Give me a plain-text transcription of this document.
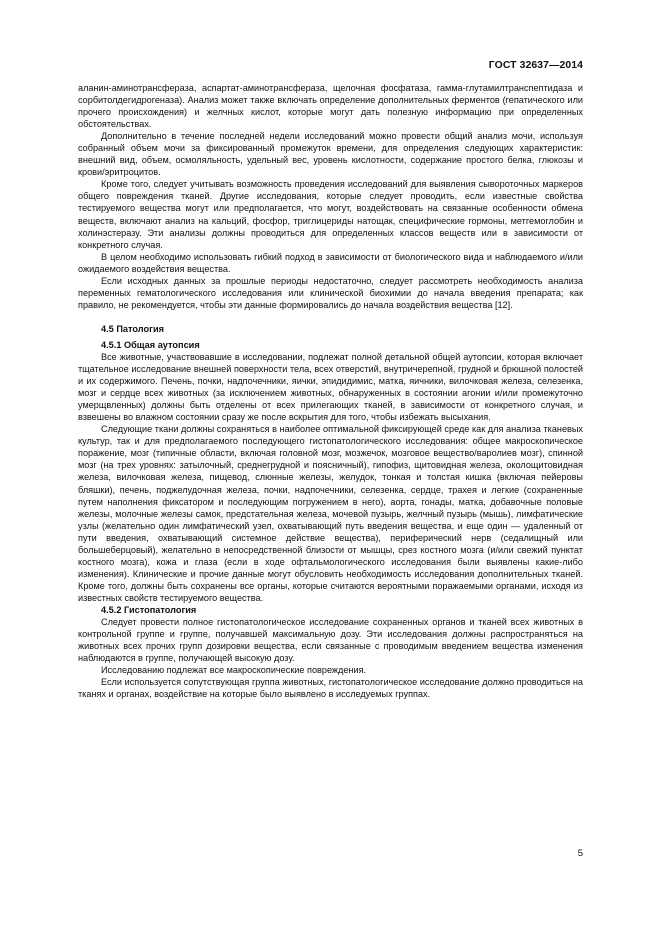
ГОСТ 32637—2014

аланин-аминотрансфераза, аспартат-аминотрансфераза, щелочная фосфатаза, гамма-глутамилтранспептидаза и сорбитолдегидрогеназа). Анализ может также включать определение дополнительных ферментов (гепатического или прочего происхождения) и желчных кислот, которые могут дать полезную информацию при определенных обстоятельствах.

Дополнительно в течение последней недели исследований можно провести общий анализ мочи, используя собранный объем мочи за фиксированный промежуток времени, для определения следующих характеристик: внешний вид, объем, осмоляльность, удельный вес, уровень кислотности, содержание простого белка, глюкозы и крови/эритроцитов.

Кроме того, следует учитывать возможность проведения исследований для выявления сывороточных маркеров общего повреждения тканей. Другие исследования, которые следует проводить, если известные свойства тестируемого вещества могут или предполагается, что могут, воздействовать на связанные особенности обмена веществ, включают анализ на кальций, фосфор, триглицериды натощак, специфические гормоны, метгемоглобин и холинэстеразу. Эти анализы должны проводиться для определенных классов веществ или в зависимости от конкретного случая.

В целом необходимо использовать гибкий подход в зависимости от биологического вида и наблюдаемого и/или ожидаемого воздействия вещества.

Если исходных данных за прошлые периоды недостаточно, следует рассмотреть необходимость анализа переменных гематологического исследования или клинической биохимии до начала введения препарата; как правило, не рекомендуется, чтобы эти данные формировались до начала воздействия вещества [12].

4.5 Патология
4.5.1 Общая аутопсия

Все животные, участвовавшие в исследовании, подлежат полной детальной общей аутопсии, которая включает тщательное исследование внешней поверхности тела, всех отверстий, внутричерепной, грудной и брюшной полостей и их содержимого. Печень, почки, надпочечники, яички, эпидидимис, матка, яичники, вилочковая железа, селезенка, мозг и сердце всех животных (за исключением животных, обнаруженных в состоянии агонии и/или промежуточно умерщвленных) должны быть отделены от всех прилегающих тканей, в зависимости от конкретного случая, и взвешены во влажном состоянии сразу же после вскрытия для того, чтобы избежать высыхания.

Следующие ткани должны сохраняться в наиболее оптимальной фиксирующей среде как для анализа тканевых культур, так и для предполагаемого последующего гистопатологического исследования: общее макроскопическое поражение, мозг (типичные области, включая головной мозг, мозжечок, мозговое вещество/варолиев мозг), спинной мозг (на трех уровнях: затылочный, среднегрудной и поясничный), гипофиз, щитовидная железа, околощитовидная железа, вилочковая железа, пищевод, слюнные железы, желудок, тонкая и толстая кишка (включая пейеровы бляшки), печень, поджелудочная железа, почки, надпочечники, селезенка, сердце, трахея и легкие (сохраненные путем наполнения фиксатором и последующим погружением в него), аорта, гонады, матка, добавочные половые железы, молочные железы самок, предстательная железа, мочевой пузырь, желчный пузырь (мышь), лимфатические узлы (желательно один лимфатический узел, охватывающий путь введения вещества, и еще один — удаленный от пути введения, охватывающий системное действие вещества), периферический нерв (седалищный или большеберцовый), желательно в непосредственной близости от мышцы, срез костного мозга (и/или свежий пунктат костного мозга), кожа и глаза (если в ходе офтальмологического исследования были выявлены какие-либо изменения). Клинические и прочие данные могут обусловить необходимость исследования дополнительных тканей. Кроме того, должны быть сохранены все органы, которые считаются вероятными поражаемыми органами, исходя из известных свойств тестируемого вещества.

4.5.2 Гистопатология

Следует провести полное гистопатологическое исследование сохраненных органов и тканей всех животных в контрольной группе и группе, получавшей максимальную дозу. Эти исследования должны распространяться на животных всех прочих групп дозировки вещества, если связанные с проводимым введением вещества изменения наблюдаются в группе, получающей высокую дозу.

Исследованию подлежат все макроскопические повреждения.

Если используется сопутствующая группа животных, гистопатологическое исследование должно проводиться на тканях и органах, воздействие на которые было выявлено в исследуемых группах.

5
